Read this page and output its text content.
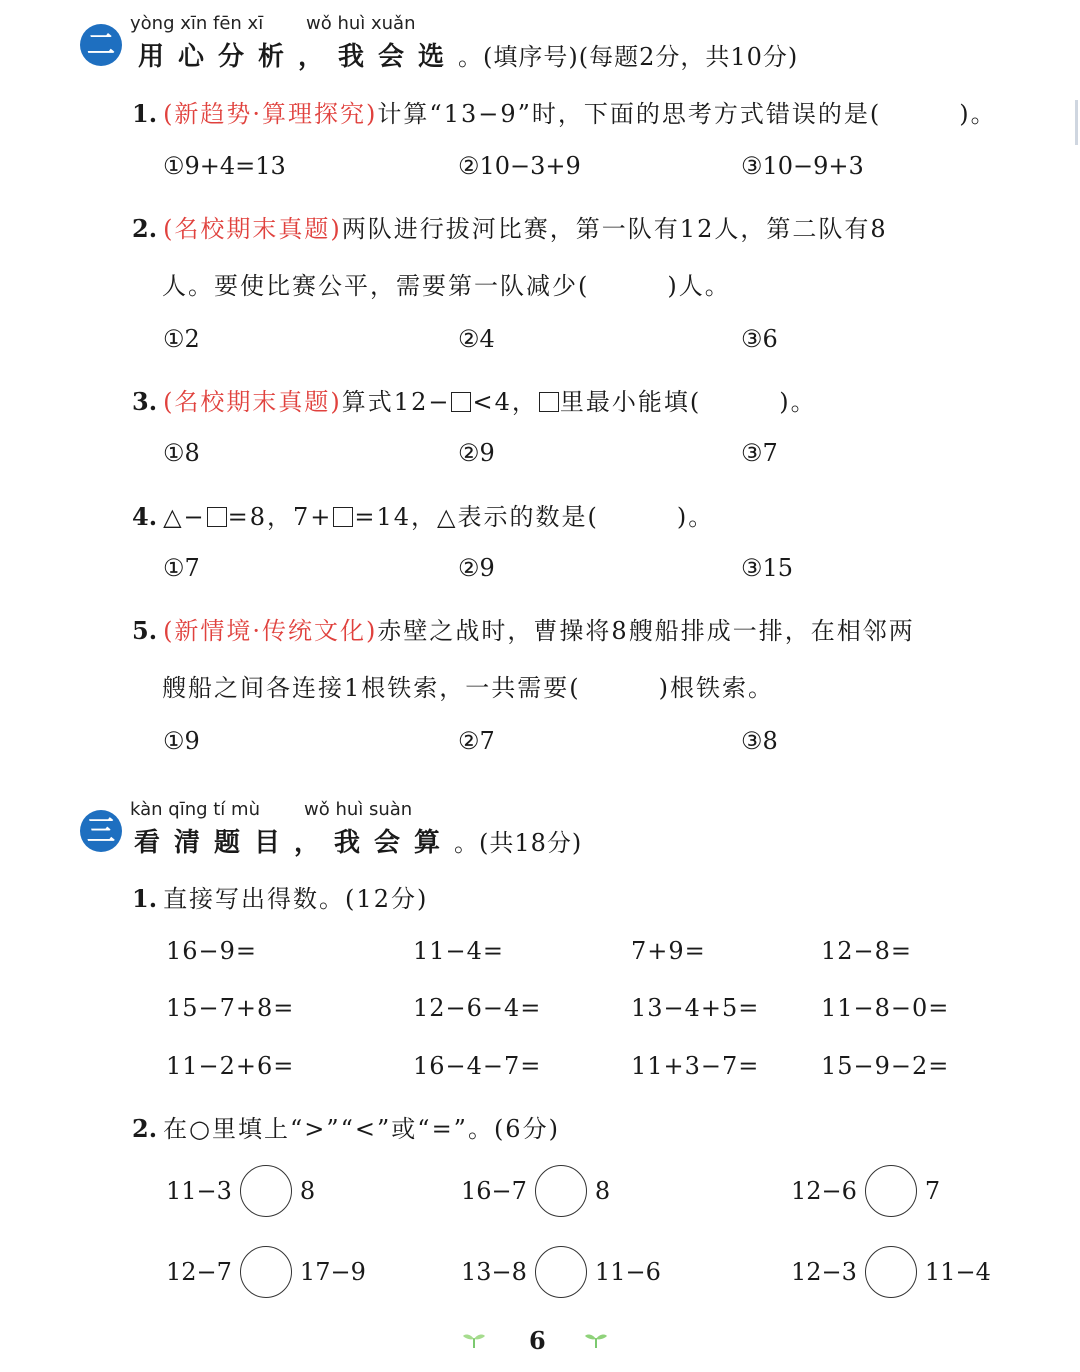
二
yòng xīn fēn xī wǒ huì xuǎn
用心分析，我会选。(填序号)(每题2分，共10分)
1. (新趋势·算理探究)计算“13−9”时，下面的思考方式错误的是(　　　)。
①9+4=13	②10−3+9	③10−9+3
2. (名校期末真题)两队进行拔河比赛，第一队有12人，第二队有8
人。要使比赛公平，需要第一队减少(　　　)人。
①2	②4	③6
3. (名校期末真题)算式12− <4， 里最小能填(　　　)。
①8	②9	③7
4. △− =8，7+ =14，△表示的数是(　　　)。
①7	②9	③15
5. (新情境·传统文化)赤壁之战时，曹操将8艘船排成一排，在相邻两
艘船之间各连接1根铁索，一共需要(　　　)根铁索。
①9	②7	③8
三
kàn qīng tí mù wǒ huì suàn
看清题目，我会算。(共18分)
1. 直接写出得数。(12分)
16−9=	11−4=	7+9=	12−8=
15−7+8=	12−6−4=	13−4+5=	11−8−0=
11−2+6=	16−4−7=	11+3−7=	15−9−2=
2. 在○里填上“>”“<”或“=”。(6分)
11−3	8	16−7	8	12−6	7
12−7	17−9	13−8	11−6	12−3	11−4
6
